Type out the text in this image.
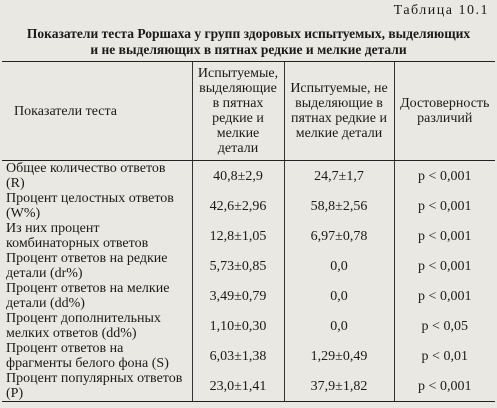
Таблица 10.1
Показатели теста Роршаха у групп здоровых испытуемых, выделяющих
и не выделяющих в пятнах редкие и мелкие детали
Показатели теста	Испытуемые, выделяющие в пятнах редкие и мелкие детали	Испытуемые, не выделяющие в пятнах редкие и мелкие детали	Достоверность различий
Общее количество ответов (R)	40,8±2,9	24,7±1,7	p < 0,001
Процент целостных ответов (W%)	42,6±2,96	58,8±2,56	p < 0,001
Из них процент комбинаторных ответов	12,8±1,05	6,97±0,78	p < 0,001
Процент ответов на редкие детали (dr%)	5,73±0,85	0,0	p < 0,001
Процент ответов на мелкие детали (dd%)	3,49±0,79	0,0	p < 0,001
Процент дополнительных мелких ответов (dd%)	1,10±0,30	0,0	p < 0,05
Процент ответов на фрагменты белого фона (S)	6,03±1,38	1,29±0,49	p < 0,01
Процент популярных ответов (P)	23,0±1,41	37,9±1,82	p < 0,001
